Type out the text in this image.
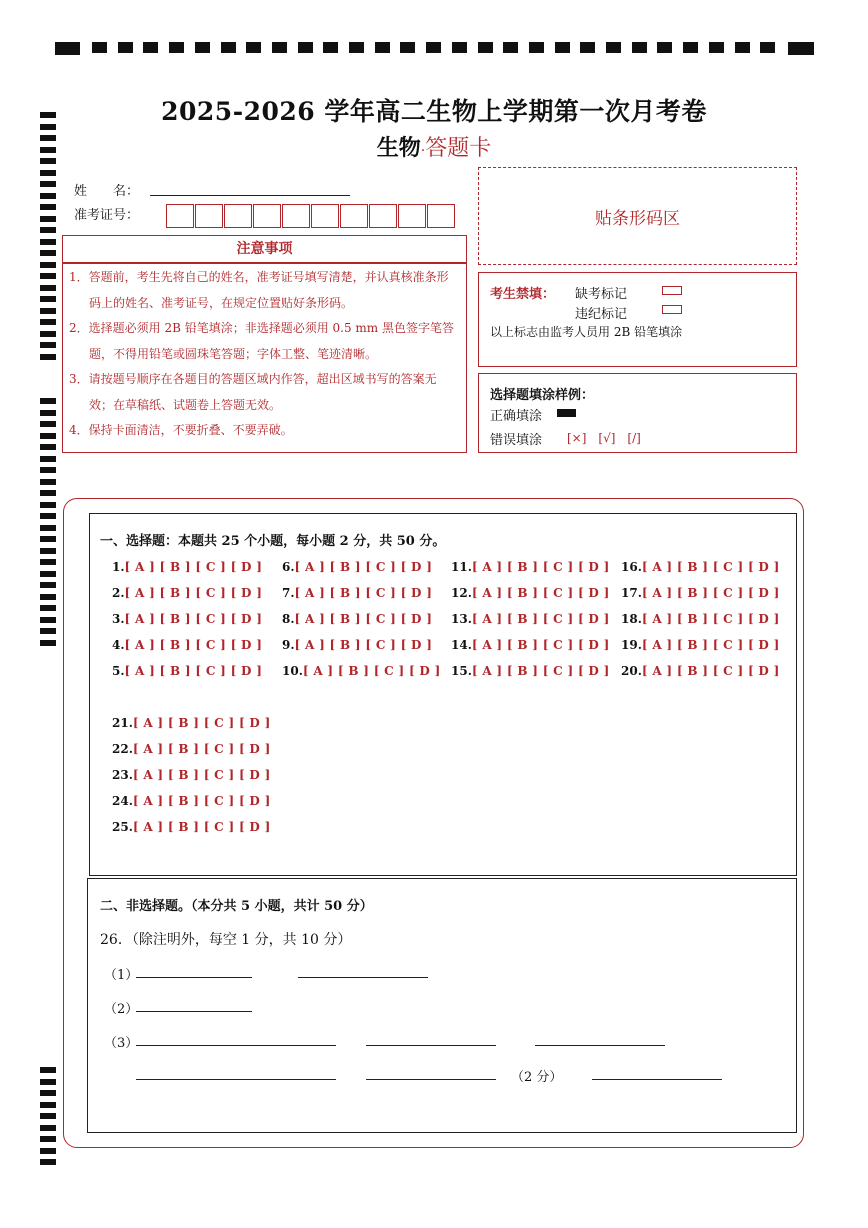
2025-2026 学年高二生物上学期第一次月考卷
生物·答题卡
姓　　名：
准考证号：	贴条形码区
注意事项

1．答题前，考生先将自己的姓名，准考证号填写清楚，并认真核准条形码上的姓名、准考证号，在规定位置贴好条形码。

2．选择题必须用 2B 铅笔填涂；非选择题必须用 0.5 mm 黑色签字笔答题，不得用铅笔或圆珠笔答题；字体工整、笔迹清晰。

3．请按题号顺序在各题目的答题区域内作答，超出区域书写的答案无效；在草稿纸、试题卷上答题无效。

4．保持卡面清洁，不要折叠、不要弄破。

考生禁填： 缺考标记
违纪标记
以上标志由监考人员用 2B 铅笔填涂
选择题填涂样例：
正确填涂
错误填涂 [×]　[√]　[/]
一、选择题：本题共 25 个小题，每小题 2 分，共 50 分。
1.[ A ] [ B ] [ C ] [ D ]
2.[ A ] [ B ] [ C ] [ D ]
3.[ A ] [ B ] [ C ] [ D ]
4.[ A ] [ B ] [ C ] [ D ]
5.[ A ] [ B ] [ C ] [ D ]
6.[ A ] [ B ] [ C ] [ D ]
7.[ A ] [ B ] [ C ] [ D ]
8.[ A ] [ B ] [ C ] [ D ]
9.[ A ] [ B ] [ C ] [ D ]
10.[ A ] [ B ] [ C ] [ D ]
11.[ A ] [ B ] [ C ] [ D ]
12.[ A ] [ B ] [ C ] [ D ]
13.[ A ] [ B ] [ C ] [ D ]
14.[ A ] [ B ] [ C ] [ D ]
15.[ A ] [ B ] [ C ] [ D ]
16.[ A ] [ B ] [ C ] [ D ]
17.[ A ] [ B ] [ C ] [ D ]
18.[ A ] [ B ] [ C ] [ D ]
19.[ A ] [ B ] [ C ] [ D ]
20.[ A ] [ B ] [ C ] [ D ]
21.[ A ] [ B ] [ C ] [ D ]
22.[ A ] [ B ] [ C ] [ D ]
23.[ A ] [ B ] [ C ] [ D ]
24.[ A ] [ B ] [ C ] [ D ]
25.[ A ] [ B ] [ C ] [ D ]
二、非选择题。（本分共 5 小题，共计 50 分）
26．（除注明外，每空 1 分，共 10 分）
（1）
（2）
（3）
（2 分）
